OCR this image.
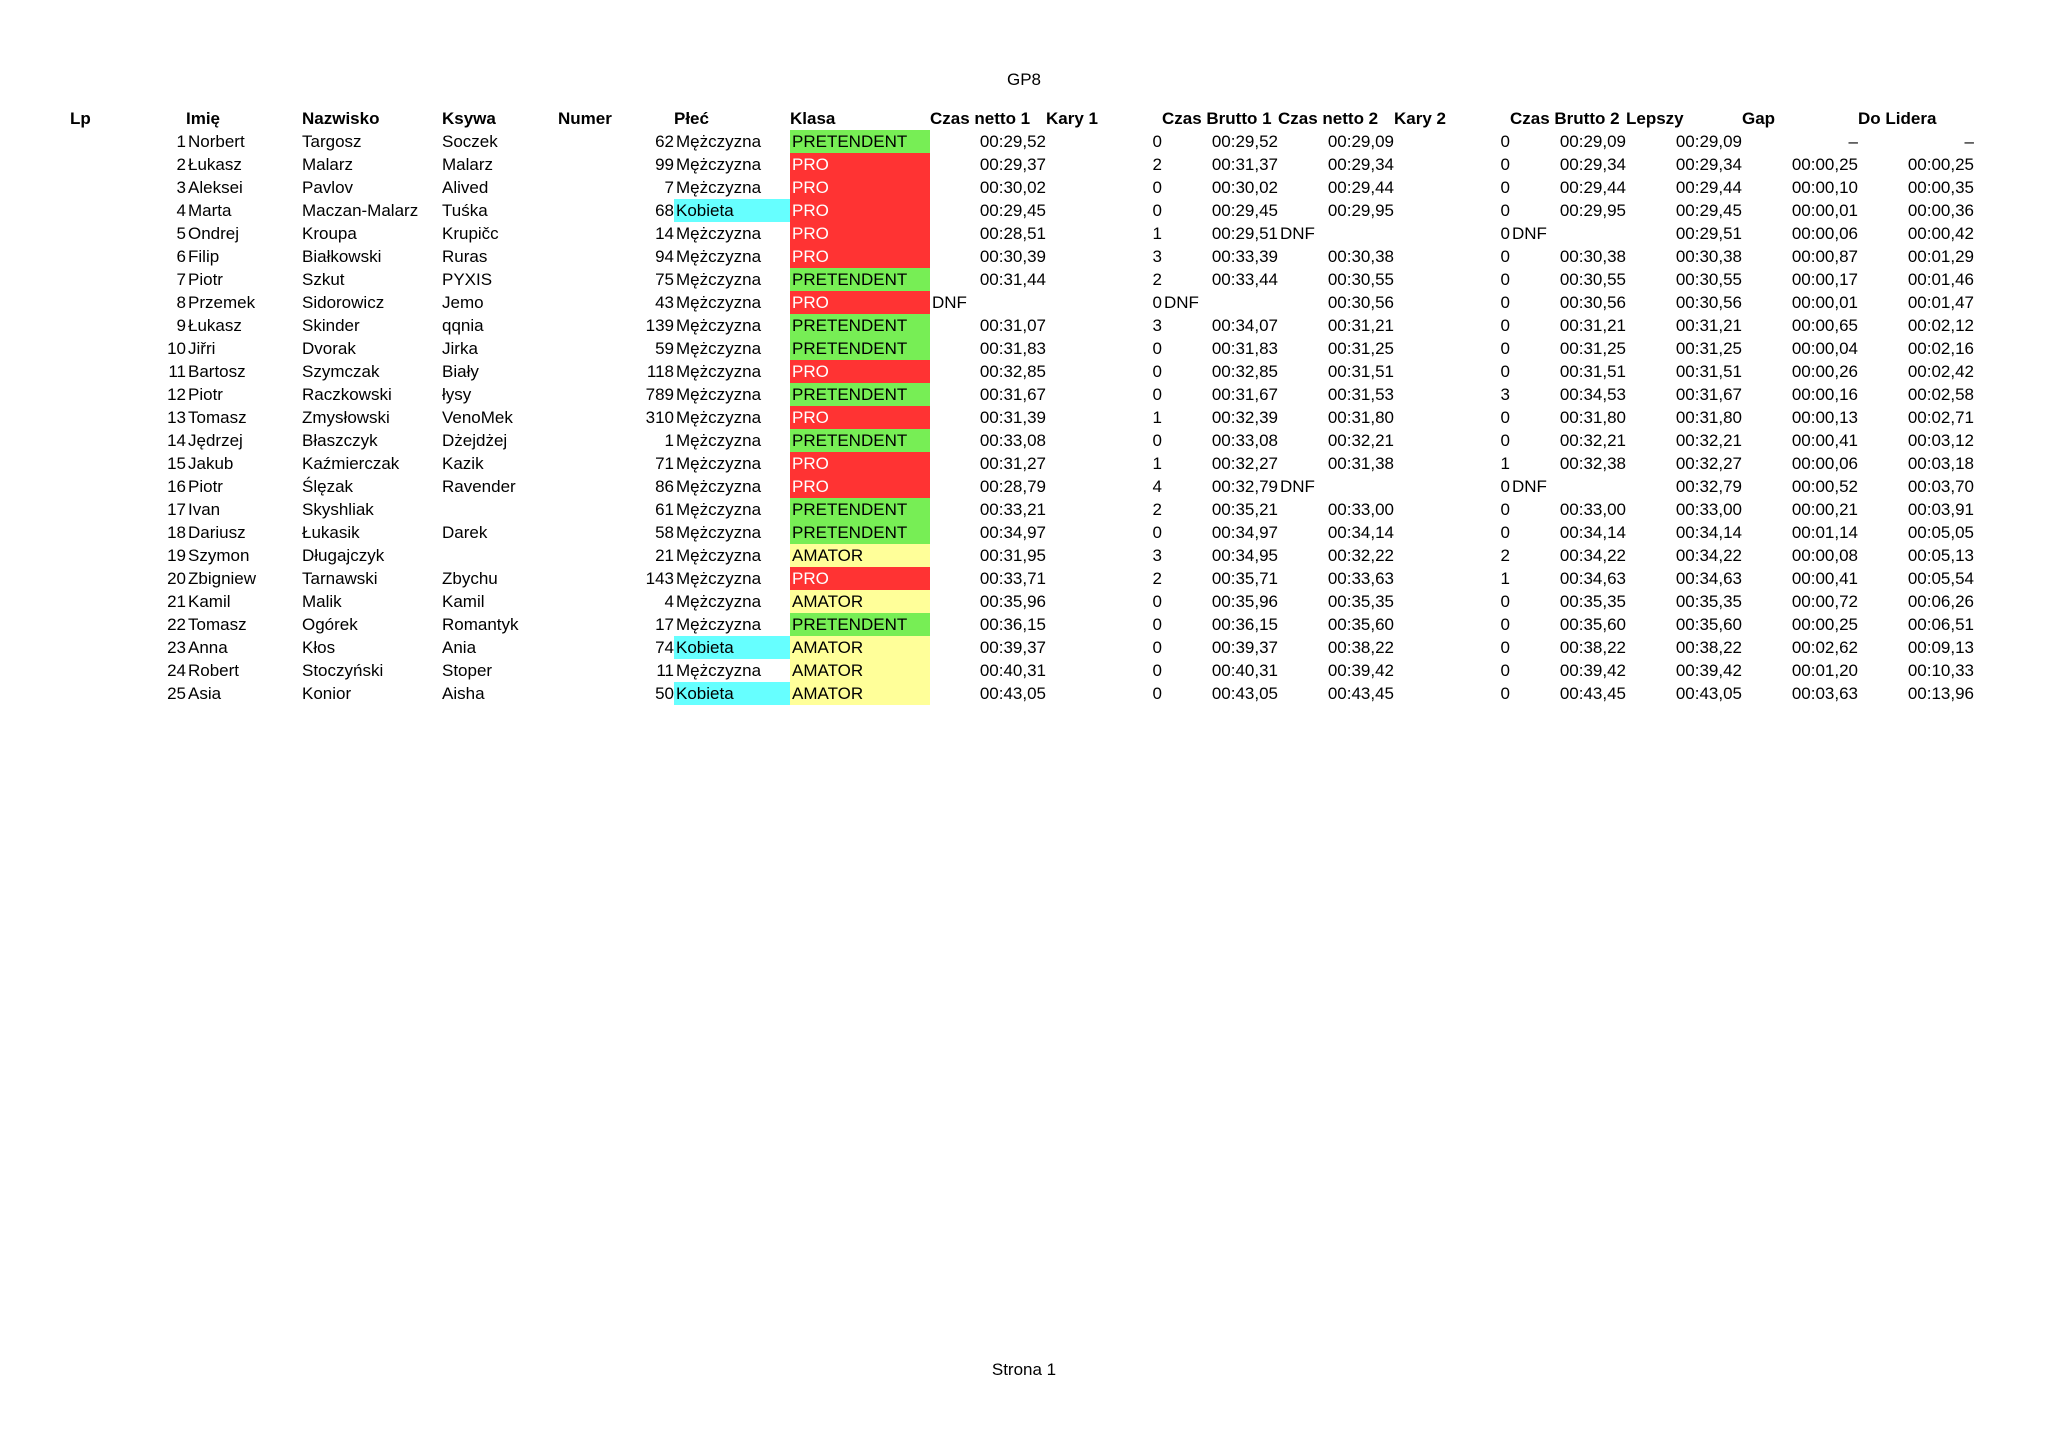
GP8
Lp	Imię	Nazwisko	Ksywa	Numer	Płeć	Klasa	Czas netto 1	Kary 1	Czas Brutto 1	Czas netto 2	Kary 2	Czas Brutto 2	Lepszy	Gap	Do Lidera
1	Norbert	Targosz	Soczek	62	Mężczyzna	PRETENDENT	00:29,52	0	00:29,52	00:29,09	0	00:29,09	00:29,09	–	–
2	Łukasz	Malarz	Malarz	99	Mężczyzna	PRO	00:29,37	2	00:31,37	00:29,34	0	00:29,34	00:29,34	00:00,25	00:00,25
3	Aleksei	Pavlov	Alived	7	Mężczyzna	PRO	00:30,02	0	00:30,02	00:29,44	0	00:29,44	00:29,44	00:00,10	00:00,35
4	Marta	Maczan-Malarz	Tuśka	68	Kobieta	PRO	00:29,45	0	00:29,45	00:29,95	0	00:29,95	00:29,45	00:00,01	00:00,36
5	Ondrej	Kroupa	Krupičc	14	Mężczyzna	PRO	00:28,51	1	00:29,51	DNF	0	DNF	00:29,51	00:00,06	00:00,42
6	Filip	Białkowski	Ruras	94	Mężczyzna	PRO	00:30,39	3	00:33,39	00:30,38	0	00:30,38	00:30,38	00:00,87	00:01,29
7	Piotr	Szkut	PYXIS	75	Mężczyzna	PRETENDENT	00:31,44	2	00:33,44	00:30,55	0	00:30,55	00:30,55	00:00,17	00:01,46
8	Przemek	Sidorowicz	Jemo	43	Mężczyzna	PRO	DNF	0	DNF	00:30,56	0	00:30,56	00:30,56	00:00,01	00:01,47
9	Łukasz	Skinder	qqnia	139	Mężczyzna	PRETENDENT	00:31,07	3	00:34,07	00:31,21	0	00:31,21	00:31,21	00:00,65	00:02,12
10	Jiřri	Dvorak	Jirka	59	Mężczyzna	PRETENDENT	00:31,83	0	00:31,83	00:31,25	0	00:31,25	00:31,25	00:00,04	00:02,16
11	Bartosz	Szymczak	Biały	118	Mężczyzna	PRO	00:32,85	0	00:32,85	00:31,51	0	00:31,51	00:31,51	00:00,26	00:02,42
12	Piotr	Raczkowski	łysy	789	Mężczyzna	PRETENDENT	00:31,67	0	00:31,67	00:31,53	3	00:34,53	00:31,67	00:00,16	00:02,58
13	Tomasz	Zmysłowski	VenoMek	310	Mężczyzna	PRO	00:31,39	1	00:32,39	00:31,80	0	00:31,80	00:31,80	00:00,13	00:02,71
14	Jędrzej	Błaszczyk	Dżejdżej	1	Mężczyzna	PRETENDENT	00:33,08	0	00:33,08	00:32,21	0	00:32,21	00:32,21	00:00,41	00:03,12
15	Jakub	Kaźmierczak	Kazik	71	Mężczyzna	PRO	00:31,27	1	00:32,27	00:31,38	1	00:32,38	00:32,27	00:00,06	00:03,18
16	Piotr	Ślęzak	Ravender	86	Mężczyzna	PRO	00:28,79	4	00:32,79	DNF	0	DNF	00:32,79	00:00,52	00:03,70
17	Ivan	Skyshliak		61	Mężczyzna	PRETENDENT	00:33,21	2	00:35,21	00:33,00	0	00:33,00	00:33,00	00:00,21	00:03,91
18	Dariusz	Łukasik	Darek	58	Mężczyzna	PRETENDENT	00:34,97	0	00:34,97	00:34,14	0	00:34,14	00:34,14	00:01,14	00:05,05
19	Szymon	Długajczyk		21	Mężczyzna	AMATOR	00:31,95	3	00:34,95	00:32,22	2	00:34,22	00:34,22	00:00,08	00:05,13
20	Zbigniew	Tarnawski	Zbychu	143	Mężczyzna	PRO	00:33,71	2	00:35,71	00:33,63	1	00:34,63	00:34,63	00:00,41	00:05,54
21	Kamil	Malik	Kamil	4	Mężczyzna	AMATOR	00:35,96	0	00:35,96	00:35,35	0	00:35,35	00:35,35	00:00,72	00:06,26
22	Tomasz	Ogórek	Romantyk	17	Mężczyzna	PRETENDENT	00:36,15	0	00:36,15	00:35,60	0	00:35,60	00:35,60	00:00,25	00:06,51
23	Anna	Kłos	Ania	74	Kobieta	AMATOR	00:39,37	0	00:39,37	00:38,22	0	00:38,22	00:38,22	00:02,62	00:09,13
24	Robert	Stoczyński	Stoper	11	Mężczyzna	AMATOR	00:40,31	0	00:40,31	00:39,42	0	00:39,42	00:39,42	00:01,20	00:10,33
25	Asia	Konior	Aisha	50	Kobieta	AMATOR	00:43,05	0	00:43,05	00:43,45	0	00:43,45	00:43,05	00:03,63	00:13,96
Strona 1
